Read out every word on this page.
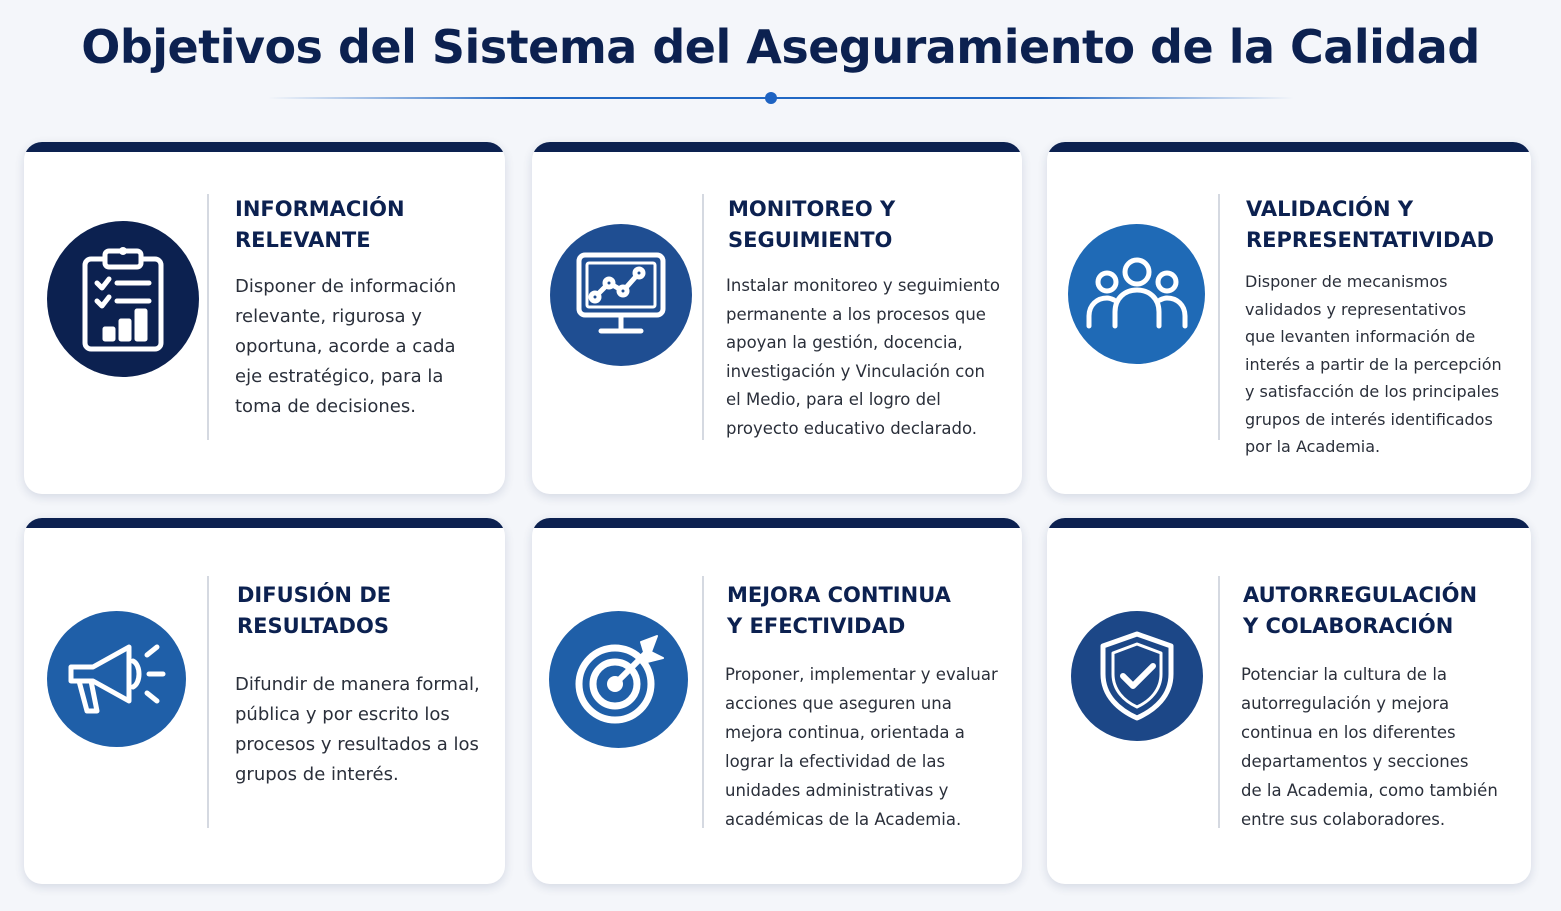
Objetivos del Sistema del Aseguramiento de la Calidad
INFORMACIÓN
RELEVANTE

Disponer de información
relevante, rigurosa y
oportuna, acorde a cada
eje estratégico, para la
toma de decisiones.

MONITOREO Y
SEGUIMIENTO

Instalar monitoreo y seguimiento
permanente a los procesos que
apoyan la gestión, docencia,
investigación y Vinculación con
el Medio, para el logro del
proyecto educativo declarado.

VALIDACIÓN Y
REPRESENTATIVIDAD

Disponer de mecanismos
validados y representativos
que levanten información de
interés a partir de la percepción
y satisfacción de los principales
grupos de interés identificados
por la Academia.

DIFUSIÓN DE
RESULTADOS

Difundir de manera formal,
pública y por escrito los
procesos y resultados a los
grupos de interés.

MEJORA CONTINUA
Y EFECTIVIDAD

Proponer, implementar y evaluar
acciones que aseguren una
mejora continua, orientada a
lograr la efectividad de las
unidades administrativas y
académicas de la Academia.

AUTORREGULACIÓN
Y COLABORACIÓN

Potenciar la cultura de la
autorregulación y mejora
continua en los diferentes
departamentos y secciones
de la Academia, como también
entre sus colaboradores.
